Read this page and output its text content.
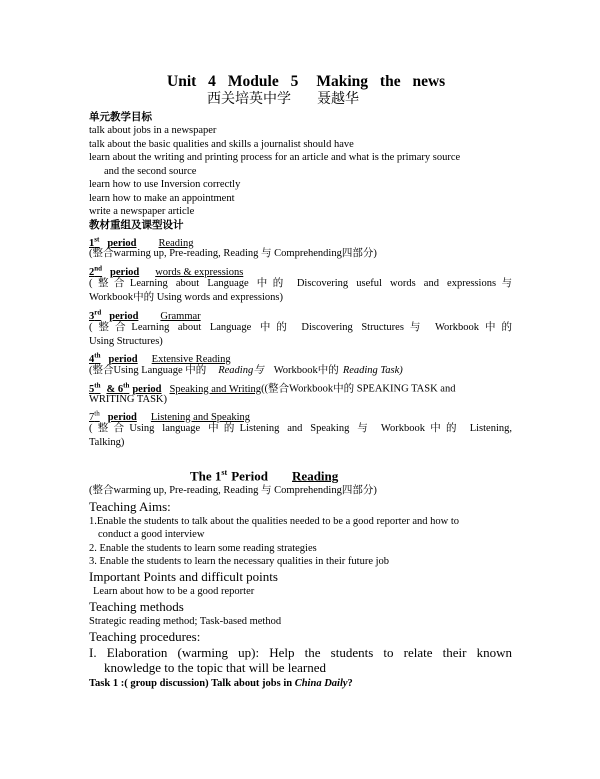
Unit 4 Module 5 Making the news
西关培英中学 聂越华
单元教学目标
talk about jobs in a newspaper
talk about the basic qualities and skills a journalist should have
learn about the writing and printing process for an article and what is the primary source
and the second source
learn how to use Inversion correctly
learn how to make an appointment
write a newspaper article
教材重组及课型设计
1st period Reading
(整合warming up, Pre-reading, Reading 与 Comprehending四部分)
2nd period words & expressions
(整合Learning about Language 中的 Discovering useful words and expressions与
Workbook中的 Using words and expressions)
3rd period Grammar
(整合Learning about Language 中的 Discovering Structures与 Workbook中的
Using Structures)
4th period Extensive Reading
(整合Using Language 中的 Reading与 Workbook中的 Reading Task)
5th & 6th period Speaking and Writing((整合Workbook中的 SPEAKING TASK and
WRITING TASK)
7th period Listening and Speaking
(整合Using language 中的Listening and Speaking 与 Workbook中的 Listening,
Talking)
The 1st Period Reading
(整合warming up, Pre-reading, Reading 与 Comprehending四部分)
Teaching Aims:
1.Enable the students to talk about the qualities needed to be a good reporter and how to
conduct a good interview
2. Enable the students to learn some reading strategies
3. Enable the students to learn the necessary qualities in their future job
Important Points and difficult points
Learn about how to be a good reporter
Teaching methods
Strategic reading method; Task-based method
Teaching procedures:
I. Elaboration (warming up): Help the students to relate their known
knowledge to the topic that will be learned
Task 1 :( group discussion) Talk about jobs in China Daily?
